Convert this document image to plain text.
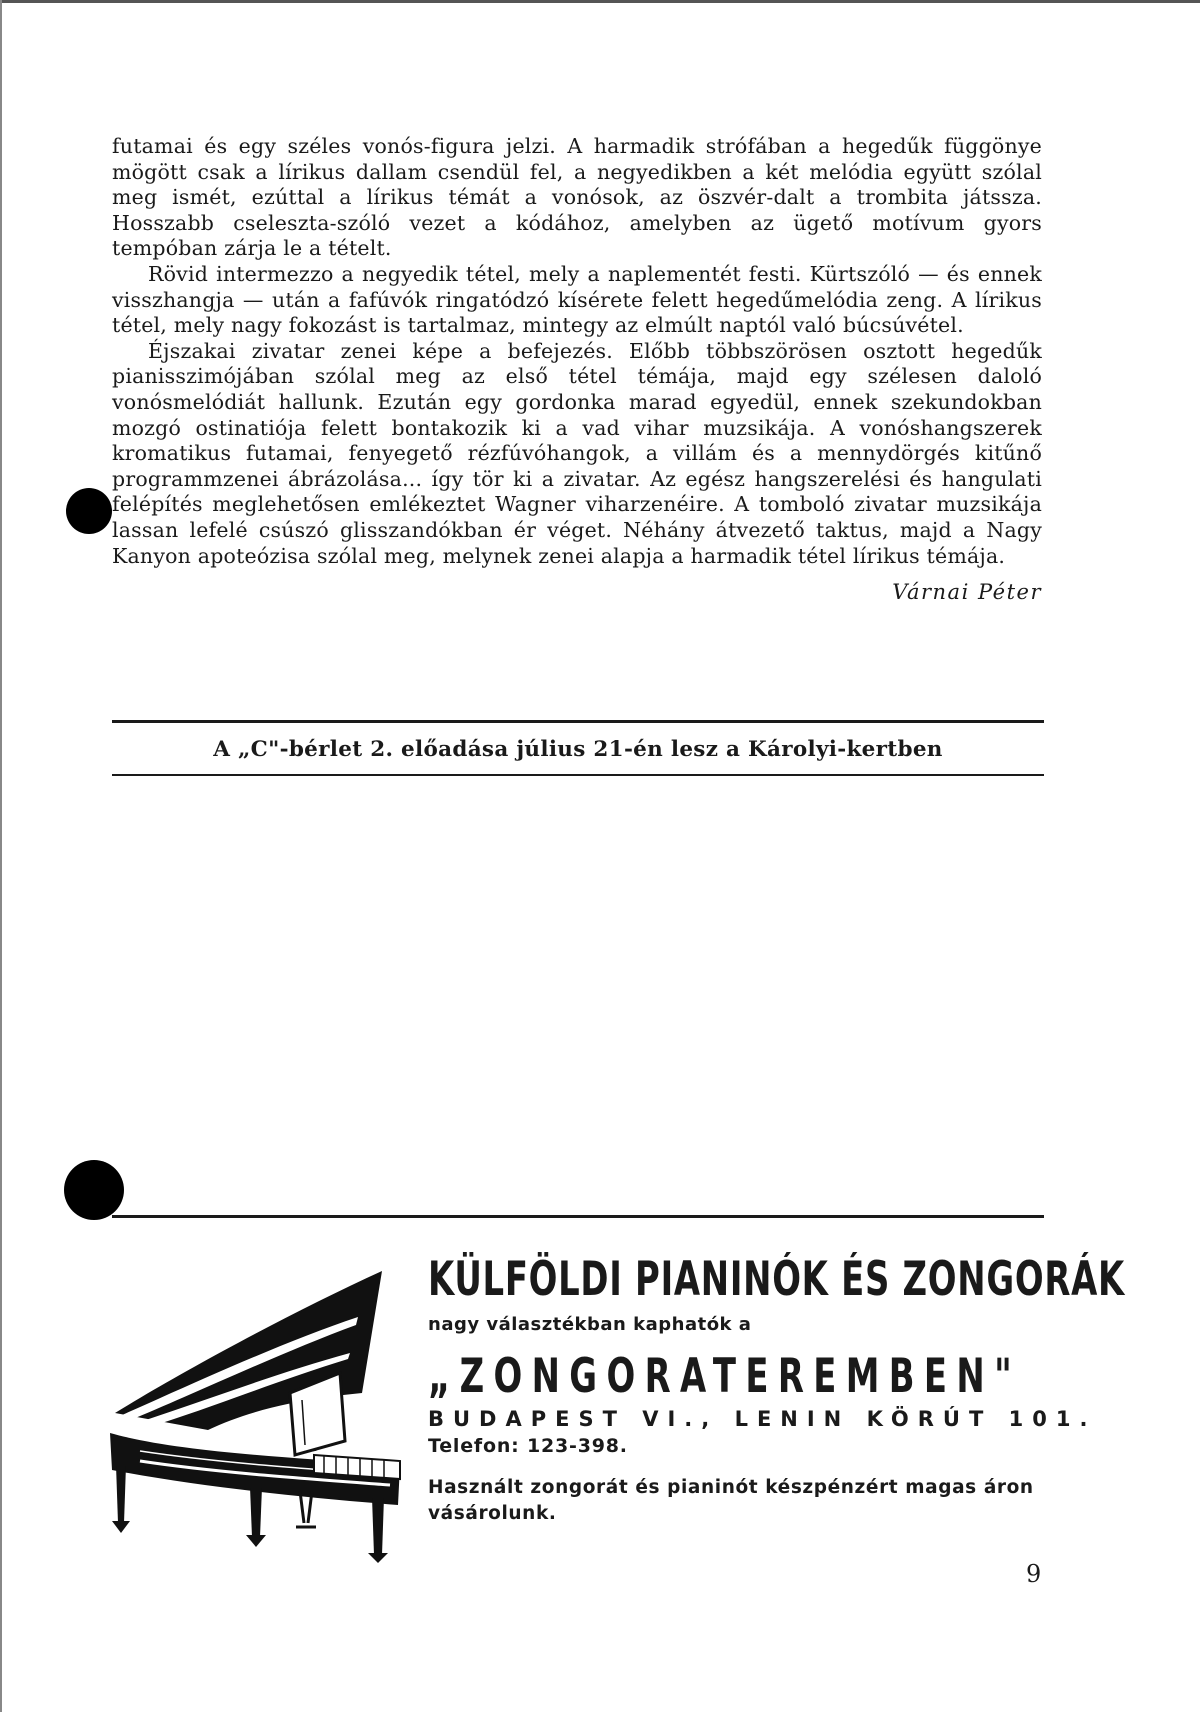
futamai és egy széles vonós-figura jelzi. A harmadik strófában a hegedűk függönye mögött csak a lírikus dallam csendül fel, a negyedikben a két melódia együtt szólal meg ismét, ezúttal a lírikus témát a vonósok, az öszvér-dalt a trombita játssza. Hosszabb cseleszta-szóló vezet a kódához, amelyben az ügető motívum gyors tempóban zárja le a tételt.

Rövid intermezzo a negyedik tétel, mely a naplementét festi. Kürtszóló — és ennek visszhangja — után a fafúvók ringatódzó kísérete felett hegedűmelódia zeng. A lírikus tétel, mely nagy fokozást is tartalmaz, mintegy az elmúlt naptól való búcsúvétel.

Éjszakai zivatar zenei képe a befejezés. Előbb többszörösen osztott hegedűk pianisszimójában szólal meg az első tétel témája, majd egy szélesen daloló vonósmelódiát hallunk. Ezután egy gordonka marad egyedül, ennek szekundokban mozgó ostinatiója felett bontakozik ki a vad vihar muzsikája. A vonóshangszerek kromatikus futamai, fenyegető rézfúvóhangok, a villám és a mennydörgés kitűnő programmzenei ábrázolása... így tör ki a zivatar. Az egész hangszerelési és hangulati felépítés meglehetősen emlékeztet Wagner viharzenéire. A tomboló zivatar muzsikája lassan lefelé csúszó glisszandókban ér véget. Néhány átvezető taktus, majd a Nagy Kanyon apoteózisa szólal meg, melynek zenei alapja a harmadik tétel lírikus témája.

Várnai Péter

A „C"-bérlet 2. előadása július 21-én lesz a Károlyi-kertben

KÜLFÖLDI PIANINÓK ÉS ZONGORÁK

nagy választékban kaphatók a

„ZONGORATEREMBEN"

BUDAPEST VI., LENIN KÖRÚT 101.

Telefon: 123-398.

Használt zongorát és pianinót készpénzért magas áron vásárolunk.

9
